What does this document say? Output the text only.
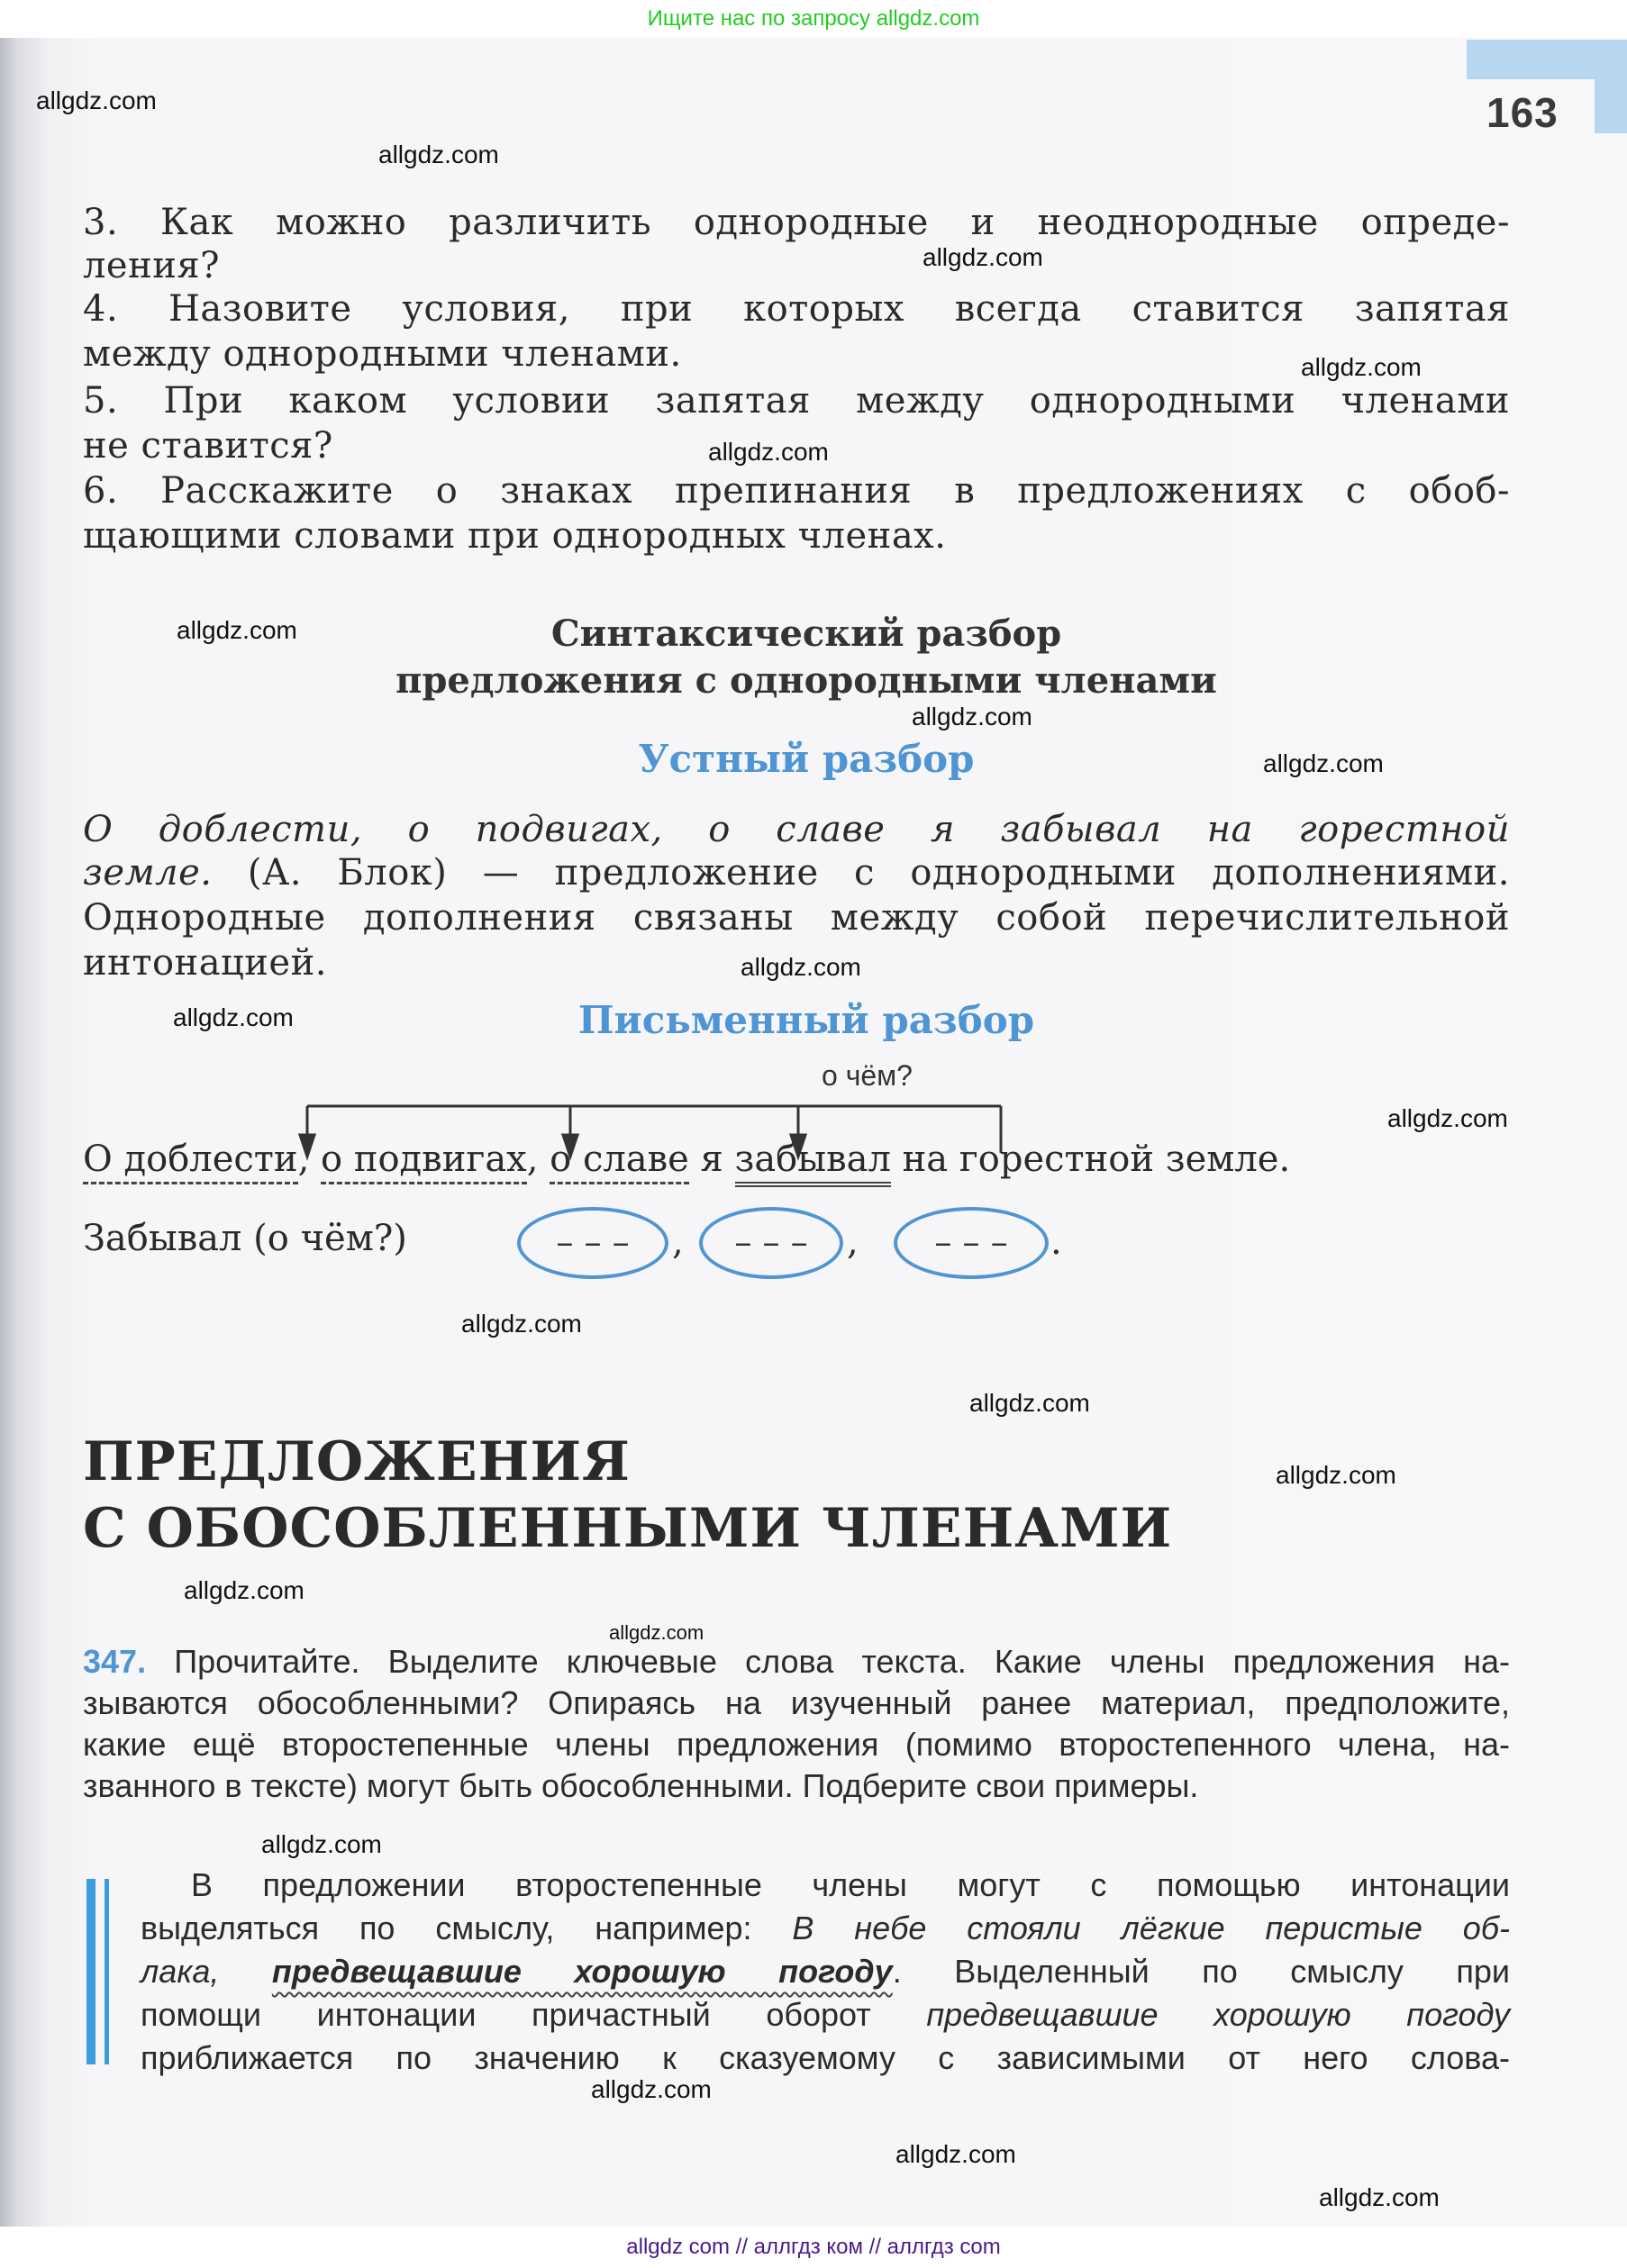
Ищите нас по запросу allgdz.com
163
3. Как можно различить однородные и неоднородные опреде-
ления?
4. Назовите условия, при которых всегда ставится запятая
между однородными членами.
5. При каком условии запятая между однородными членами
не ставится?
6. Расскажите о знаках препинания в предложениях с обоб-
щающими словами при однородных членах.
Синтаксический разбор
предложения с однородными членами
Устный разбор
О доблести, о подвигах, о славе я забывал на горестной
земле. (А. Блок) — предложение с однородными дополнениями.
Однородные дополнения связаны между собой перечислительной
интонацией.
Письменный разбор
о чём?
О доблести, о подвигах, о славе я забывал на горестной земле.
Забывал (о чём?)	– – –	,	– – –	,	– – –	.
ПРЕДЛОЖЕНИЯ
С ОБОСОБЛЕННЫМИ ЧЛЕНАМИ
347. Прочитайте. Выделите ключевые слова текста. Какие члены предложения на-
зываются обособленными? Опираясь на изученный ранее материал, предположите,
какие ещё второстепенные члены предложения (помимо второстепенного члена, на-
званного в тексте) могут быть обособленными. Подберите свои примеры.
В предложении второстепенные члены могут с помощью интонации
выделяться по смыслу, например: В небе стояли лёгкие перистые об-
лака, предвещавшие хорошую погоду. Выделенный по смыслу при
помощи интонации причастный оборот предвещавшие хорошую погоду
приближается по значению к сказуемому с зависимыми от него слова-
allgdz.com
allgdz.com
allgdz.com
allgdz.com
allgdz.com
allgdz.com
allgdz.com
allgdz.com
allgdz.com
allgdz.com
allgdz.com
allgdz.com
allgdz.com
allgdz.com
allgdz.com
allgdz.com
allgdz.com
allgdz.com
allgdz.com
allgdz.com
allgdz com // аллгдз ком // аллгдз com
